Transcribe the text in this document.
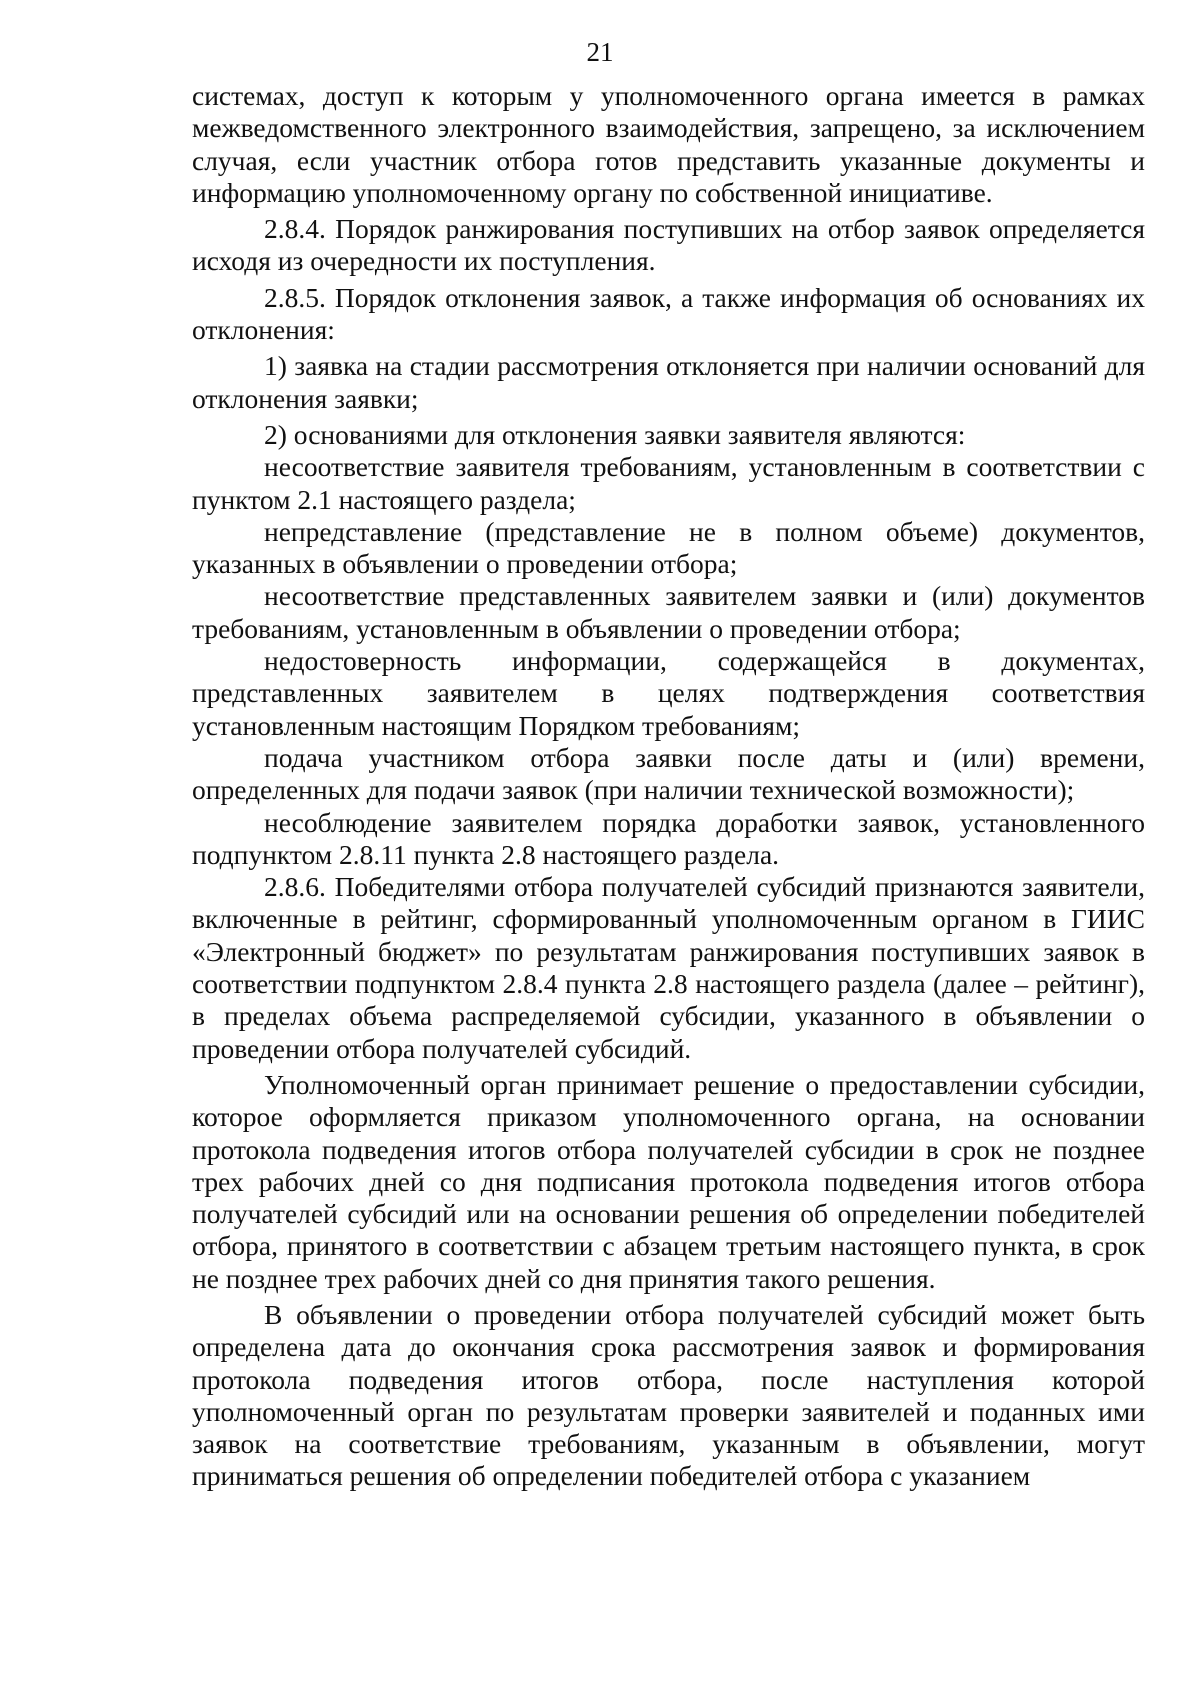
21

системах, доступ к которым у уполномоченного органа имеется в рамках межведомственного электронного взаимодействия, запрещено, за исключением случая, если участник отбора готов представить указанные документы и информацию уполномоченному органу по собственной инициативе.

2.8.4. Порядок ранжирования поступивших на отбор заявок определяется исходя из очередности их поступления.

2.8.5. Порядок отклонения заявок, а также информация об основаниях их отклонения:

1) заявка на стадии рассмотрения отклоняется при наличии оснований для отклонения заявки;

2) основаниями для отклонения заявки заявителя являются:

несоответствие заявителя требованиям, установленным в соответствии с пунктом 2.1 настоящего раздела;

непредставление (представление не в полном объеме) документов, указанных в объявлении о проведении отбора;

несоответствие представленных заявителем заявки и (или) документов требованиям, установленным в объявлении о проведении отбора;

недостоверность информации, содержащейся в документах, представленных заявителем в целях подтверждения соответствия установленным настоящим Порядком требованиям;

подача участником отбора заявки после даты и (или) времени, определенных для подачи заявок (при наличии технической возможности);

несоблюдение заявителем порядка доработки заявок, установленного подпунктом 2.8.11 пункта 2.8 настоящего раздела.

2.8.6. Победителями отбора получателей субсидий признаются заявители, включенные в рейтинг, сформированный уполномоченным органом в ГИИС «Электронный бюджет» по результатам ранжирования поступивших заявок в соответствии подпунктом 2.8.4 пункта 2.8 настоящего раздела (далее – рейтинг), в пределах объема распределяемой субсидии, указанного в объявлении о проведении отбора получателей субсидий.

Уполномоченный орган принимает решение о предоставлении субсидии, которое оформляется приказом уполномоченного органа, на основании протокола подведения итогов отбора получателей субсидии в срок не позднее трех рабочих дней со дня подписания протокола подведения итогов отбора получателей субсидий или на основании решения об определении победителей отбора, принятого в соответствии с абзацем третьим настоящего пункта, в срок не позднее трех рабочих дней со дня принятия такого решения.

В объявлении о проведении отбора получателей субсидий может быть определена дата до окончания срока рассмотрения заявок и формирования протокола подведения итогов отбора, после наступления которой уполномоченный орган по результатам проверки заявителей и поданных ими заявок на соответствие требованиям, указанным в объявлении, могут приниматься решения об определении победителей отбора с указанием
